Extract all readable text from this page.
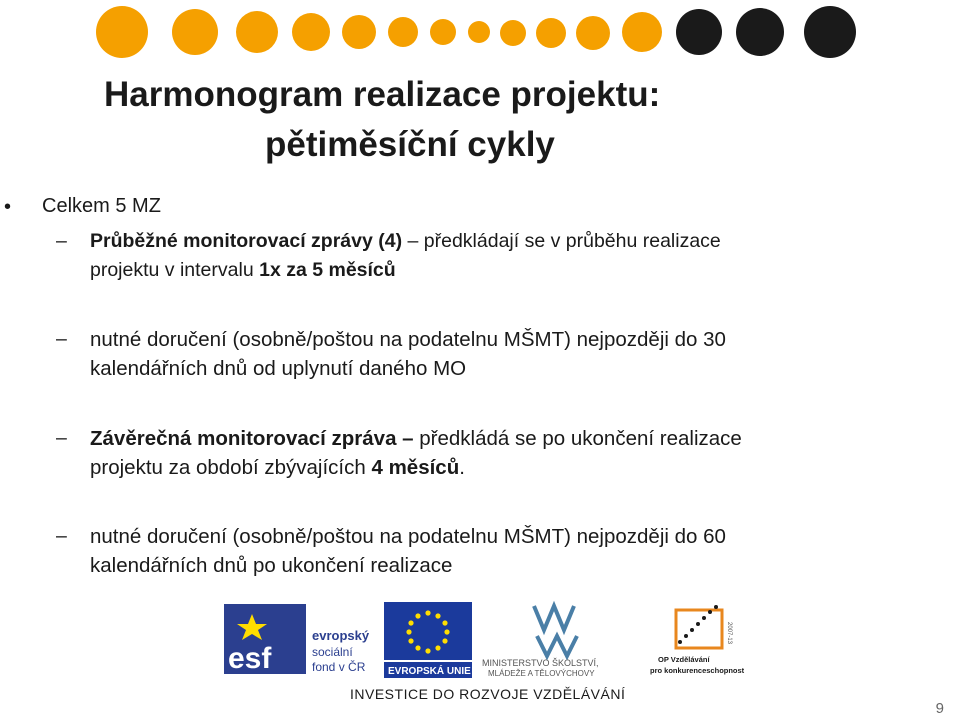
Harmonogram realizace projektu:
pětiměsíční cykly
• Celkem 5 MZ
– Průběžné monitorovací zprávy (4) – předkládají se v průběhu realizace
projektu v intervalu 1x za 5 měsíců
– nutné doručení (osobně/poštou na podatelnu MŠMT) nejpozději do 30
kalendářních dnů od uplynutí daného MO
– Závěrečná monitorovací zpráva – předkládá se po ukončení realizace
projektu za období zbývajících 4 měsíců.
– nutné doručení (osobně/poštou na podatelnu MŠMT) nejpozději do 60
kalendářních dnů po ukončení realizace
esf
evropský
sociální
fond v ČR EVROPSKÁ UNIE
MINISTERSTVO ŠKOLSTVÍ,
MLÁDEŽE A TĚLOVÝCHOVY
2007-13
OP Vzdělávání
pro konkurenceschopnost
INVESTICE DO ROZVOJE VZDĚLÁVÁNÍ
9
